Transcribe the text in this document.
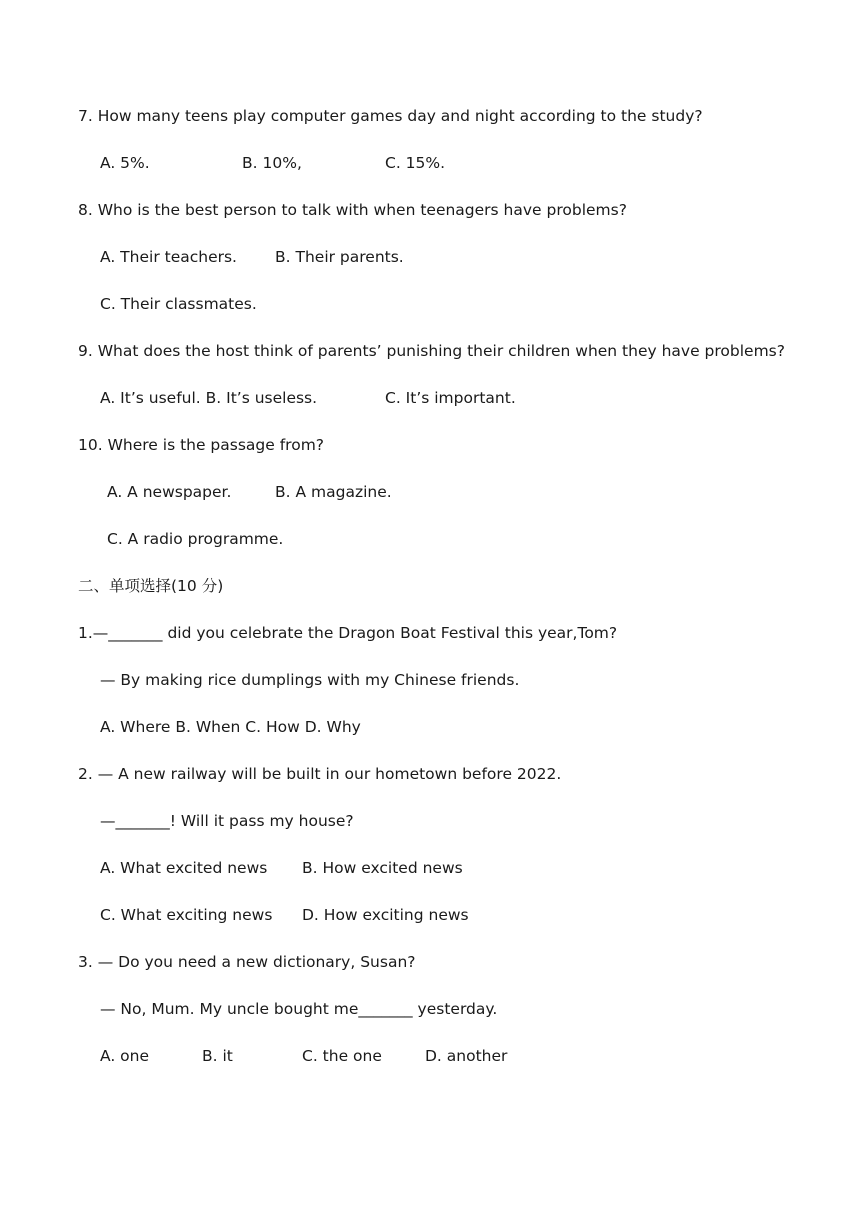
7. How many teens play computer games day and night according to the study?
A. 5%.	B. 10%,	C. 15%.
8. Who is the best person to talk with when teenagers have problems?
A. Their teachers. B. Their parents.
C. Their classmates.
9. What does the host think of parents’ punishing their children when they have problems?
A. It’s useful. B. It’s useless.	C. It’s important.
10. Where is the passage from?
A. A newspaper.	B. A magazine.
C. A radio programme.
二、单项选择(10 分)
1.—_______ did you celebrate the Dragon Boat Festival this year,Tom?
— By making rice dumplings with my Chinese friends.
A. Where B. When C. How D. Why
2. — A new railway will be built in our hometown before 2022.
—_______! Will it pass my house?
A. What excited news B. How excited news
C. What exciting news D. How exciting news
3. — Do you need a new dictionary, Susan?
— No, Mum. My uncle bought me_______ yesterday.
A. one	B. it	C. the one	D. another
